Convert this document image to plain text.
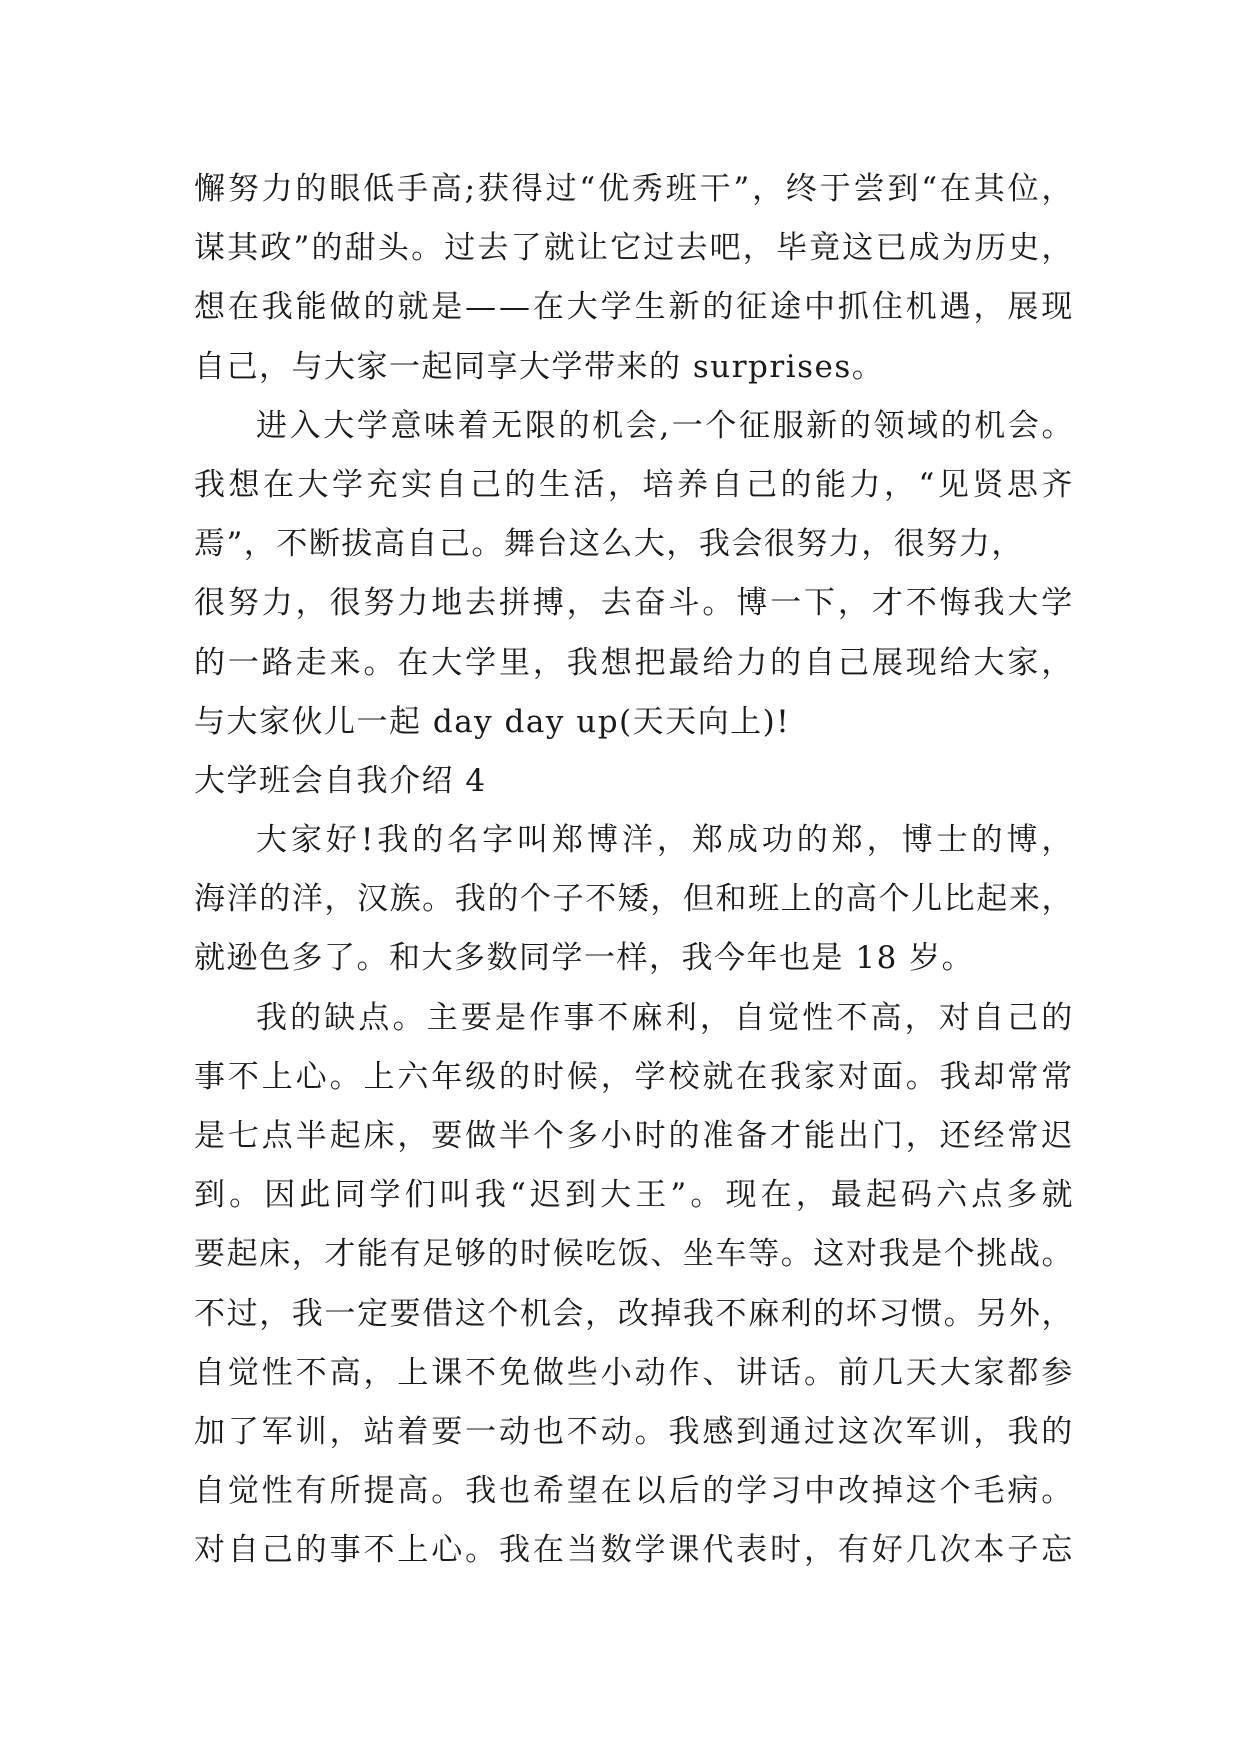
懈 努 力 的 眼 低 手 高 ; 获 得 过 “ 优 秀 班 干 ” ， 终 于 尝 到 “ 在 其 位 ，
谋 其 政 ” 的 甜 头 。 过 去 了 就 让 它 过 去 吧 ， 毕 竟 这 已 成 为 历 史 ，
想 在 我 能 做 的 就 是 — — 在 大 学 生 新 的 征 途 中 抓 住 机 遇 ， 展 现
自己，与大家一起同享大学带来的 surprises。
进 入 大 学 意 味 着 无 限 的 机 会 , 一 个 征 服 新 的 领 域 的 机 会 。
我 想 在 大 学 充 实 自 己 的 生 活 ， 培 养 自 己 的 能 力 ， “ 见 贤 思 齐
焉”，不断拔高自己。舞台这么大，我会很努力，很努力，
很 努 力 ， 很 努 力 地 去 拼 搏 ， 去 奋 斗 。 博 一 下 ， 才 不 悔 我 大 学
的 一 路 走 来 。 在 大 学 里 ， 我 想 把 最 给 力 的 自 己 展 现 给 大 家 ，
与大家伙儿一起 day day up(天天向上)!
大学班会自我介绍 4
大 家 好 ! 我 的 名 字 叫 郑 博 洋 ， 郑 成 功 的 郑 ， 博 士 的 博 ，
海 洋 的 洋 ， 汉 族 。 我 的 个 子 不 矮 ， 但 和 班 上 的 高 个 儿 比 起 来 ，
就逊色多了。和大多数同学一样，我今年也是 18 岁。
我 的 缺 点 。 主 要 是 作 事 不 麻 利 ， 自 觉 性 不 高 ， 对 自 己 的
事 不 上 心 。 上 六 年 级 的 时 候 ， 学 校 就 在 我 家 对 面 。 我 却 常 常
是 七 点 半 起 床 ， 要 做 半 个 多 小 时 的 准 备 才 能 出 门 ， 还 经 常 迟
到 。 因 此 同 学 们 叫 我 “ 迟 到 大 王 ” 。 现 在 ， 最 起 码 六 点 多 就
要 起 床 ， 才 能 有 足 够 的 时 候 吃 饭 、 坐 车 等 。 这 对 我 是 个 挑 战 。
不 过 ， 我 一 定 要 借 这 个 机 会 ， 改 掉 我 不 麻 利 的 坏 习 惯 。 另 外 ，
自 觉 性 不 高 ， 上 课 不 免 做 些 小 动 作 、 讲 话 。 前 几 天 大 家 都 参
加 了 军 训 ， 站 着 要 一 动 也 不 动 。 我 感 到 通 过 这 次 军 训 ， 我 的
自 觉 性 有 所 提 高 。 我 也 希 望 在 以 后 的 学 习 中 改 掉 这 个 毛 病 。
对 自 己 的 事 不 上 心 。 我 在 当 数 学 课 代 表 时 ， 有 好 几 次 本 子 忘
